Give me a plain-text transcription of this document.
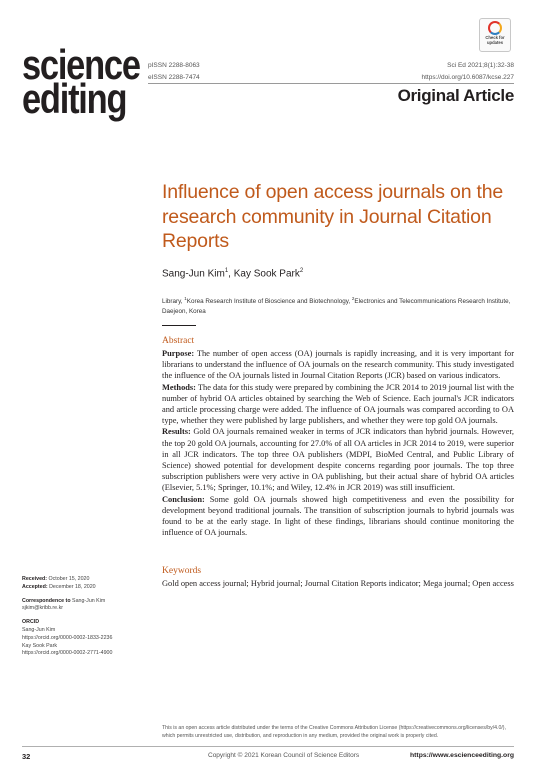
science
editing
pISSN 2288-8063
eISSN 2288-7474
Check for
updates
Sci Ed 2021;8(1):32-38
https://doi.org/10.6087/kcse.227
Original Article
Influence of open access journals on the research community in Journal Citation Reports
Sang-Jun Kim$^1$, Kay Sook Park$^2$
Library, $^1$Korea Research Institute of Bioscience and Biotechnology, $^2$Electronics and Telecommunications Research Institute, Daejeon, Korea
Abstract

Purpose: The number of open access (OA) journals is rapidly increasing, and it is very important for librarians to understand the influence of OA journals on the research community. This study investigated the influence of the OA journals listed in Journal Citation Reports (JCR) based on various indicators.

Methods: The data for this study were prepared by combining the JCR 2014 to 2019 journal list with the number of hybrid OA articles obtained by searching the Web of Science. Each journal's JCR indicators and article processing charge were added. The influence of OA journals was compared according to OA type, whether they were published by large publishers, and whether they were top gold OA journals.

Results: Gold OA journals remained weaker in terms of JCR indicators than hybrid journals. However, the top 20 gold OA journals, accounting for 27.0% of all OA articles in JCR 2014 to 2019, were superior in all JCR indicators. The top three OA publishers (MDPI, BioMed Central, and Public Library of Science) showed potential for development despite concerns regarding poor journals. The top three subscription publishers were very active in OA publishing, but their actual share of hybrid OA articles (Elsevier, 5.1%; Springer, 10.1%; and Wiley, 12.4% in JCR 2019) was still insufficient.

Conclusion: Some gold OA journals showed high competitiveness and even the possibility for development beyond traditional journals. The transition of subscription journals to hybrid journals was found to be at the early stage. In light of these findings, librarians should continue monitoring the influence of OA journals.

Keywords
Gold open access journal; Hybrid journal; Journal Citation Reports indicator; Mega journal; Open access
Received: October 15, 2020
Accepted: December 18, 2020
Correspondence to Sang-Jun Kim
sjkim@kribb.re.kr
ORCID
Sang-Jun Kim
https://orcid.org/0000-0002-1833-2236
Kay Sook Park
https://orcid.org/0000-0002-2771-4900
This is an open access article distributed under the terms of the Creative Commons Attribution License (https://creativecommons.org/licenses/by/4.0/), which permits unrestricted use, distribution, and reproduction in any medium, provided the original work is properly cited.
32	Copyright © 2021 Korean Council of Science Editors	https://www.escienceediting.org
